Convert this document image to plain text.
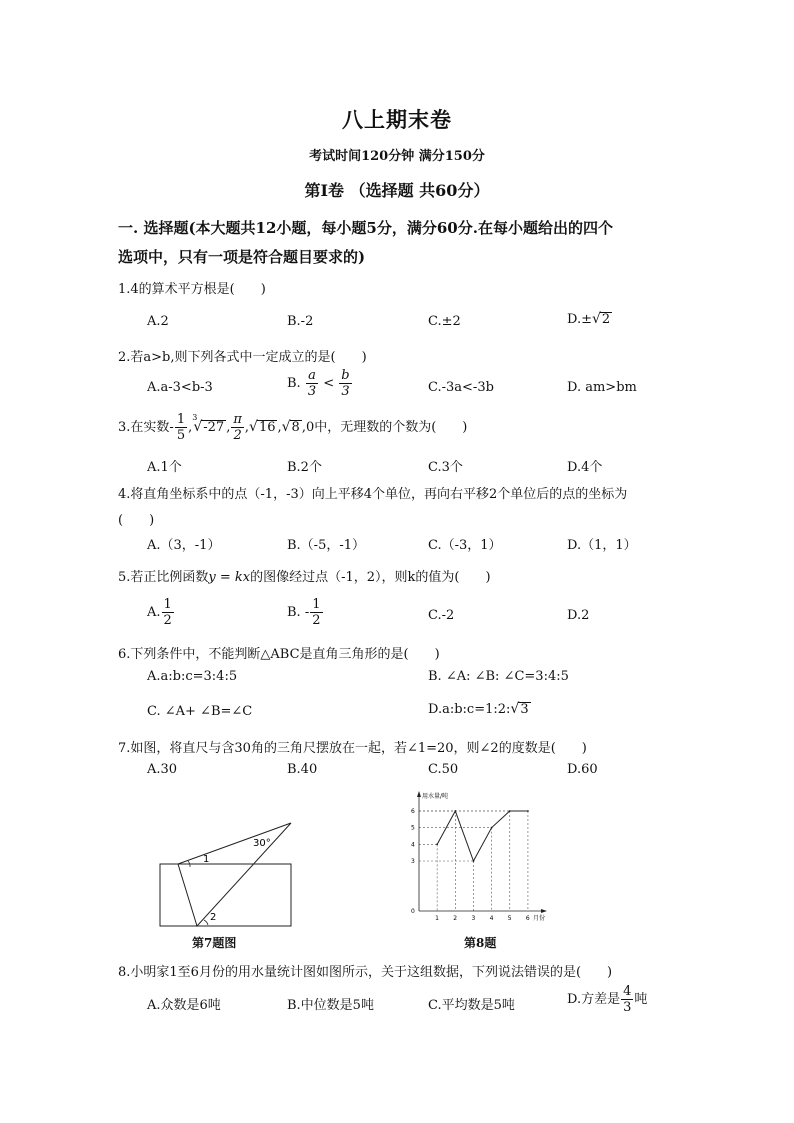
八上期末卷
考试时间120分钟 满分150分
第Ⅰ卷 （选择题 共60分）
一. 选择题(本大题共12小题，每小题5分，满分60分.在每小题给出的四个
选项中，只有一项是符合题目要求的)
1.4的算术平方根是(　　)
A.2	B.-2	C.±2	D.±√2
2.若a>b,则下列各式中一定成立的是(　　)
A.a-3<b-3	B. $\frac{a}{3} < \frac{b}{3}$	C.-3a<-3b	D. am>bm
3.在实数- $\frac{1}{5} ,^3√-27$ , $\frac{\pi}{2} ,√16$ ,√8 ,0中，无理数的个数为(　　)
A.1个	B.2个	C.3个	D.4个
4.将直角坐标系中的点（-1，-3）向上平移4个单位，再向右平移2个单位后的点的坐标为
(　　)
A.（3，-1）	B.（-5，-1）	C.（-3，1）	D.（1，1）
5.若正比例函数y = kx的图像经过点（-1，2），则k的值为(　　)
A. $\frac{1}{2}$	B. - $\frac{1}{2}$	C.-2	D.2
6.下列条件中，不能判断△ABC是直角三角形的是(　　)
A.a:b:c=3:4:5	B. ∠A: ∠B: ∠C=3:4:5
C. ∠A+ ∠B=∠C	D.a:b:c=1:2:√3
7.如图，将直尺与含30角的三角尺摆放在一起，若∠1=20，则∠2的度数是(　　)
A.30	B.40	C.50	D.60
30°
1
2
第7题图
1 2 3 4 5 6
3
4
5
6
0
用水量/吨
月份
第8题
8.小明家1至6月份的用水量统计图如图所示，关于这组数据，下列说法错误的是(　　)
A.众数是6吨	B.中位数是5吨	C.平均数是5吨	D.方差是 $\frac{4}{3}$ 吨
